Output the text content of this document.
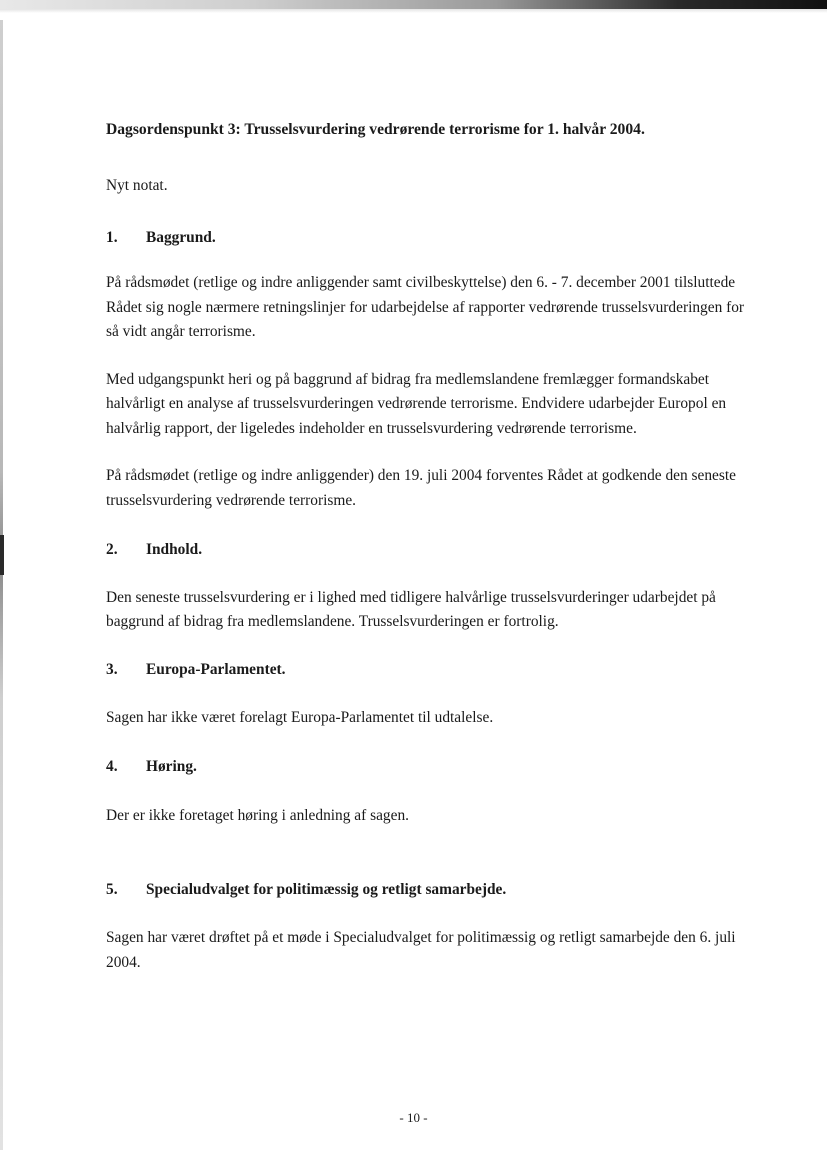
Dagsordenspunkt 3: Trusselsvurdering vedrørende terrorisme for 1. halvår 2004.

Nyt notat.

1.	Baggrund.

På rådsmødet (retlige og indre anliggender samt civilbeskyttelse) den 6. - 7. december 2001 tilsluttede Rådet sig nogle nærmere retningslinjer for udarbejdelse af rapporter vedrørende trusselsvurderingen for så vidt angår terrorisme.

Med udgangspunkt heri og på baggrund af bidrag fra medlemslandene fremlægger formandskabet halvårligt en analyse af trusselsvurderingen vedrørende terrorisme. Endvidere udarbejder Europol en halvårlig rapport, der ligeledes indeholder en trusselsvurdering vedrørende terrorisme.

På rådsmødet (retlige og indre anliggender) den 19. juli 2004 forventes Rådet at godkende den seneste trusselsvurdering vedrørende terrorisme.

2.	Indhold.

Den seneste trusselsvurdering er i lighed med tidligere halvårlige trusselsvurderinger udarbejdet på baggrund af bidrag fra medlemslandene. Trusselsvurderingen er fortrolig.

3.	Europa-Parlamentet.

Sagen har ikke været forelagt Europa-Parlamentet til udtalelse.

4.	Høring.

Der er ikke foretaget høring i anledning af sagen.

5.	Specialudvalget for politimæssig og retligt samarbejde.

Sagen har været drøftet på et møde i Specialudvalget for politimæssig og retligt samarbejde den 6. juli 2004.

- 10 -
